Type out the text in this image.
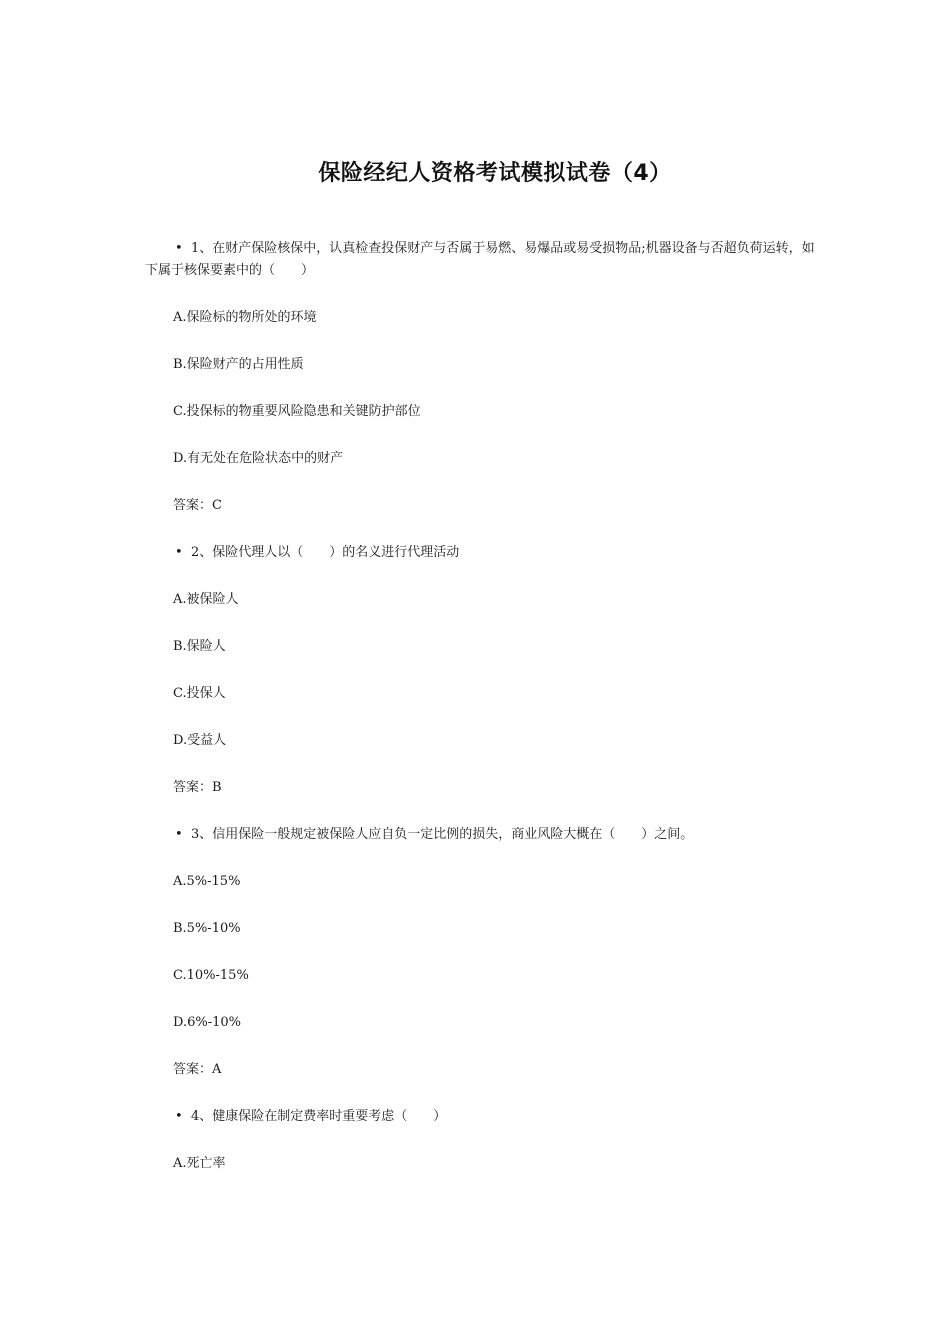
保险经纪人资格考试模拟试卷（4）
• 1、在财产保险核保中，认真检查投保财产与否属于易燃、易爆品或易受损物品;机器设备与否超负荷运转，如下属于核保要素中的（　　）
A.保险标的物所处的环境
B.保险财产的占用性质
C.投保标的物重要风险隐患和关键防护部位
D.有无处在危险状态中的财产
答案：C
• 2、保险代理人以（　　）的名义进行代理活动
A.被保险人
B.保险人
C.投保人
D.受益人
答案：B
• 3、信用保险一般规定被保险人应自负一定比例的损失，商业风险大概在（　　）之间。
A.5%-15%
B.5%-10%
C.10%-15%
D.6%-10%
答案：A
• 4、健康保险在制定费率时重要考虑（　　）
A.死亡率
